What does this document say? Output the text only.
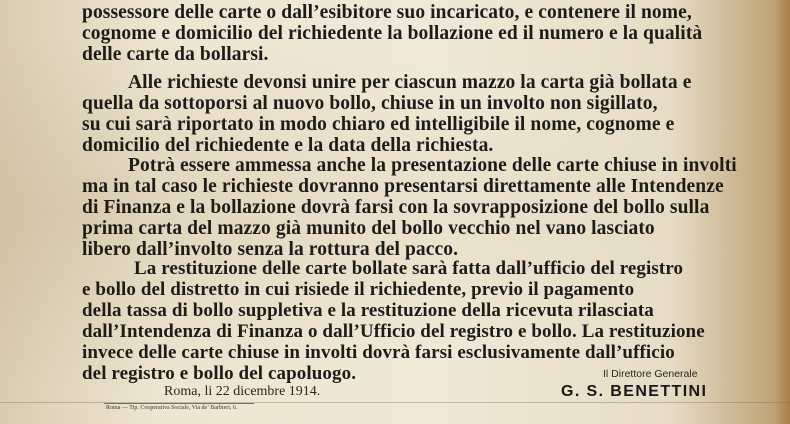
possessore delle carte o dall’esibitore suo incaricato, e contenere il nome,
cognome e domicilio del richiedente la bollazione ed il numero e la qualità
delle carte da bollarsi.

Alle richieste devonsi unire per ciascun mazzo la carta già bollata e
quella da sottoporsi al nuovo bollo, chiuse in un involto non sigillato,
su cui sarà riportato in modo chiaro ed intelligibile il nome, cognome e
domicilio del richiedente e la data della richiesta.

Potrà essere ammessa anche la presentazione delle carte chiuse in involti
ma in tal caso le richieste dovranno presentarsi direttamente alle Intendenze
di Finanza e la bollazione dovrà farsi con la sovrapposizione del bollo sulla
prima carta del mazzo già munito del bollo vecchio nel vano lasciato
libero dall’involto senza la rottura del pacco.

La restituzione delle carte bollate sarà fatta dall’ufficio del registro
e bollo del distretto in cui risiede il richiedente, previo il pagamento
della tassa di bollo suppletiva e la restituzione della ricevuta rilasciata
dall’Intendenza di Finanza o dall’Ufficio del registro e bollo. La restituzione
invece delle carte chiuse in involti dovrà farsi esclusivamente dall’ufficio
del registro e bollo del capoluogo.

Roma, li 22 dicembre 1914.

Il Direttore Generale

G. S. BENETTINI

Roma — Tip. Cooperativa Sociale, Via de’ Barbieri, 6.
